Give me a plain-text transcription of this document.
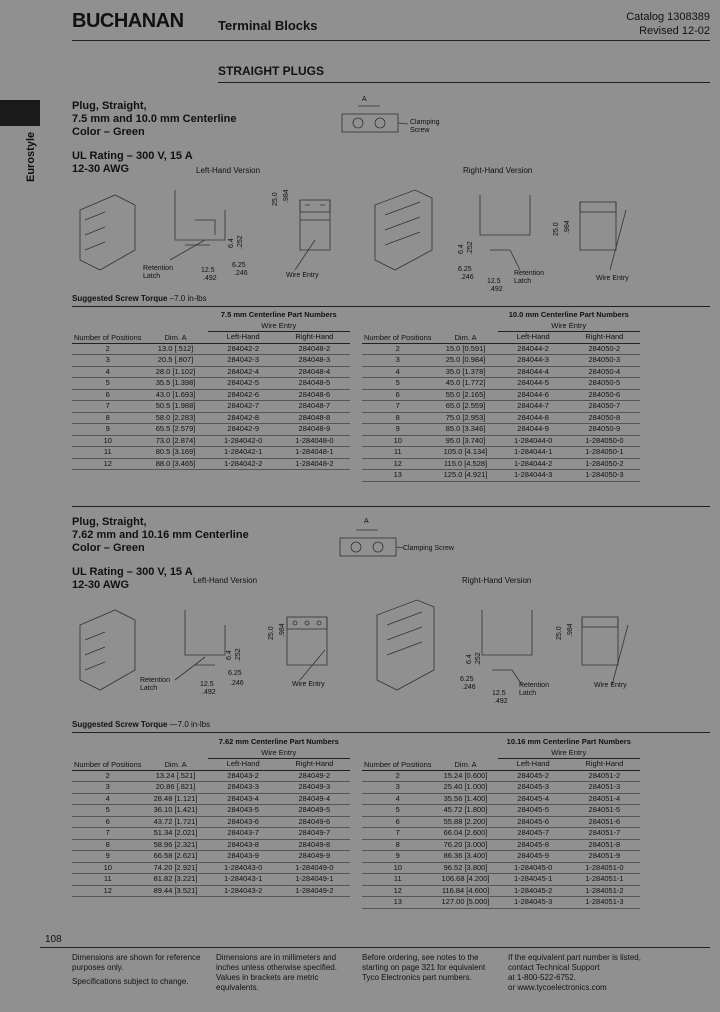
BUCHANAN	Terminal Blocks
Catalog 1308389
Revised 12-02
STRAIGHT PLUGS
Eurostyle
Plug, Straight,
7.5 mm and 10.0 mm Centerline
Color – Green
UL Rating – 300 V, 15 A
12-30 AWG
A
Clamping
Screw
Left-Hand Version	Right-Hand Version
25.0 .984
6.4 .252
12.5
.492
6.25
.246
Retention
Latch	Wire Entry
25.0 .984
6.4 .252
6.25
.246
12.5
.492
Retention
Latch	Wire Entry
Suggested Screw Torque –7.0 in-lbs
Number of Positions	Dim. A	7.5 mm Centerline Part Numbers	
		Wire Entry	
		Left-Hand	Right-Hand
2	13.0 [.512]	284042-2	284048-2
3	20.5 [.807]	284042-3	284048-3
4	28.0 [1.102]	284042-4	284048-4
5	35.5 [1.398]	284042-5	284048-5
6	43.0 [1.693]	284042-6	284048-6
7	50.5 [1.988]	284042-7	284048-7
8	58.0 [2.283]	284042-8	284048-8
9	65.5 [2.579]	284042-9	284048-9
10	73.0 [2.874]	1-284042-0	1-284048-0
11	80.5 [3.169]	1-284042-1	1-284048-1
12	88.0 [3.465]	1-284042-2	1-284048-2
Number of Positions	Dim. A	10.0 mm Centerline Part Numbers	
		Wire Entry	
		Left-Hand	Right-Hand
2	15.0 [0.591]	284044-2	284050-2
3	25.0 [0.984]	284044-3	284050-3
4	35.0 [1.378]	284044-4	284050-4
5	45.0 [1.772]	284044-5	284050-5
6	55.0 [2.165]	284044-6	284050-6
7	65.0 [2.559]	284044-7	284050-7
8	75.0 [2.953]	284044-8	284050-8
9	85.0 [3.346]	284044-9	284050-9
10	95.0 [3.740]	1-284044-0	1-284050-0
11	105.0 [4.134]	1-284044-1	1-284050-1
12	115.0 [4.528]	1-284044-2	1-284050-2
13	125.0 [4.921]	1-284044-3	1-284050-3
Plug, Straight,
7.62 mm and 10.16 mm Centerline
Color – Green
UL Rating – 300 V, 15 A
12-30 AWG
A
Clamping Screw
Left-Hand Version	Right-Hand Version
25.0 .984
6.4 .252
12.5
.492
6.25
.246
Retention
Latch
Wire Entry
25.0 .984
6.4 .252
6.25
.246
12.5
.492
Retention
Latch
Wire Entry
Suggested Screw Torque —7.0 in-lbs
Number of Positions	Dim. A	7.62 mm Centerline Part Numbers	
		Wire Entry	
		Left-Hand	Right-Hand
2	13.24 [.521]	284043-2	284049-2
3	20.86 [.821]	284043-3	284049-3
4	28.48 [1.121]	284043-4	284049-4
5	36.10 [1.421]	284043-5	284049-5
6	43.72 [1.721]	284043-6	284049-6
7	51.34 [2.021]	284043-7	284049-7
8	58.96 [2.321]	284043-8	284049-8
9	66.58 [2.621]	284043-9	284049-9
10	74.20 [2.921]	1-284043-0	1-284049-0
11	81.82 [3.221]	1-284043-1	1-284049-1
12	89.44 [3.521]	1-284043-2	1-284049-2
Number of Positions	Dim. A	10.16 mm Centerline Part Numbers	
		Wire Entry	
		Left-Hand	Right-Hand
2	15.24 [0.600]	284045-2	284051-2
3	25.40 [1.000]	284045-3	284051-3
4	35.56 [1.400]	284045-4	284051-4
5	45.72 [1.800]	284045-5	284051-5
6	55.88 [2.200]	284045-6	284051-6
7	66.04 [2.600]	284045-7	284051-7
8	76.20 [3.000]	284045-8	284051-8
9	86.36 [3.400]	284045-9	284051-9
10	96.52 [3.800]	1-284045-0	1-284051-0
11	106.68 [4.200]	1-284045-1	1-284051-1
12	116.84 [4.600]	1-284045-2	1-284051-2
13	127.00 [5.000]	1-284045-3	1-284051-3
108
Dimensions are shown for reference
purposes only.
Specifications subject to change.
Dimensions are in millimeters and
inches unless otherwise specified.
Values in brackets are metric
equivalents.
Before ordering, see notes to the
starting on page 321 for equivalent
Tyco Electronics part numbers.
If the equivalent part number is listed,
contact Technical Support
at 1-800-522-6752.
or www.tycoelectronics.com
